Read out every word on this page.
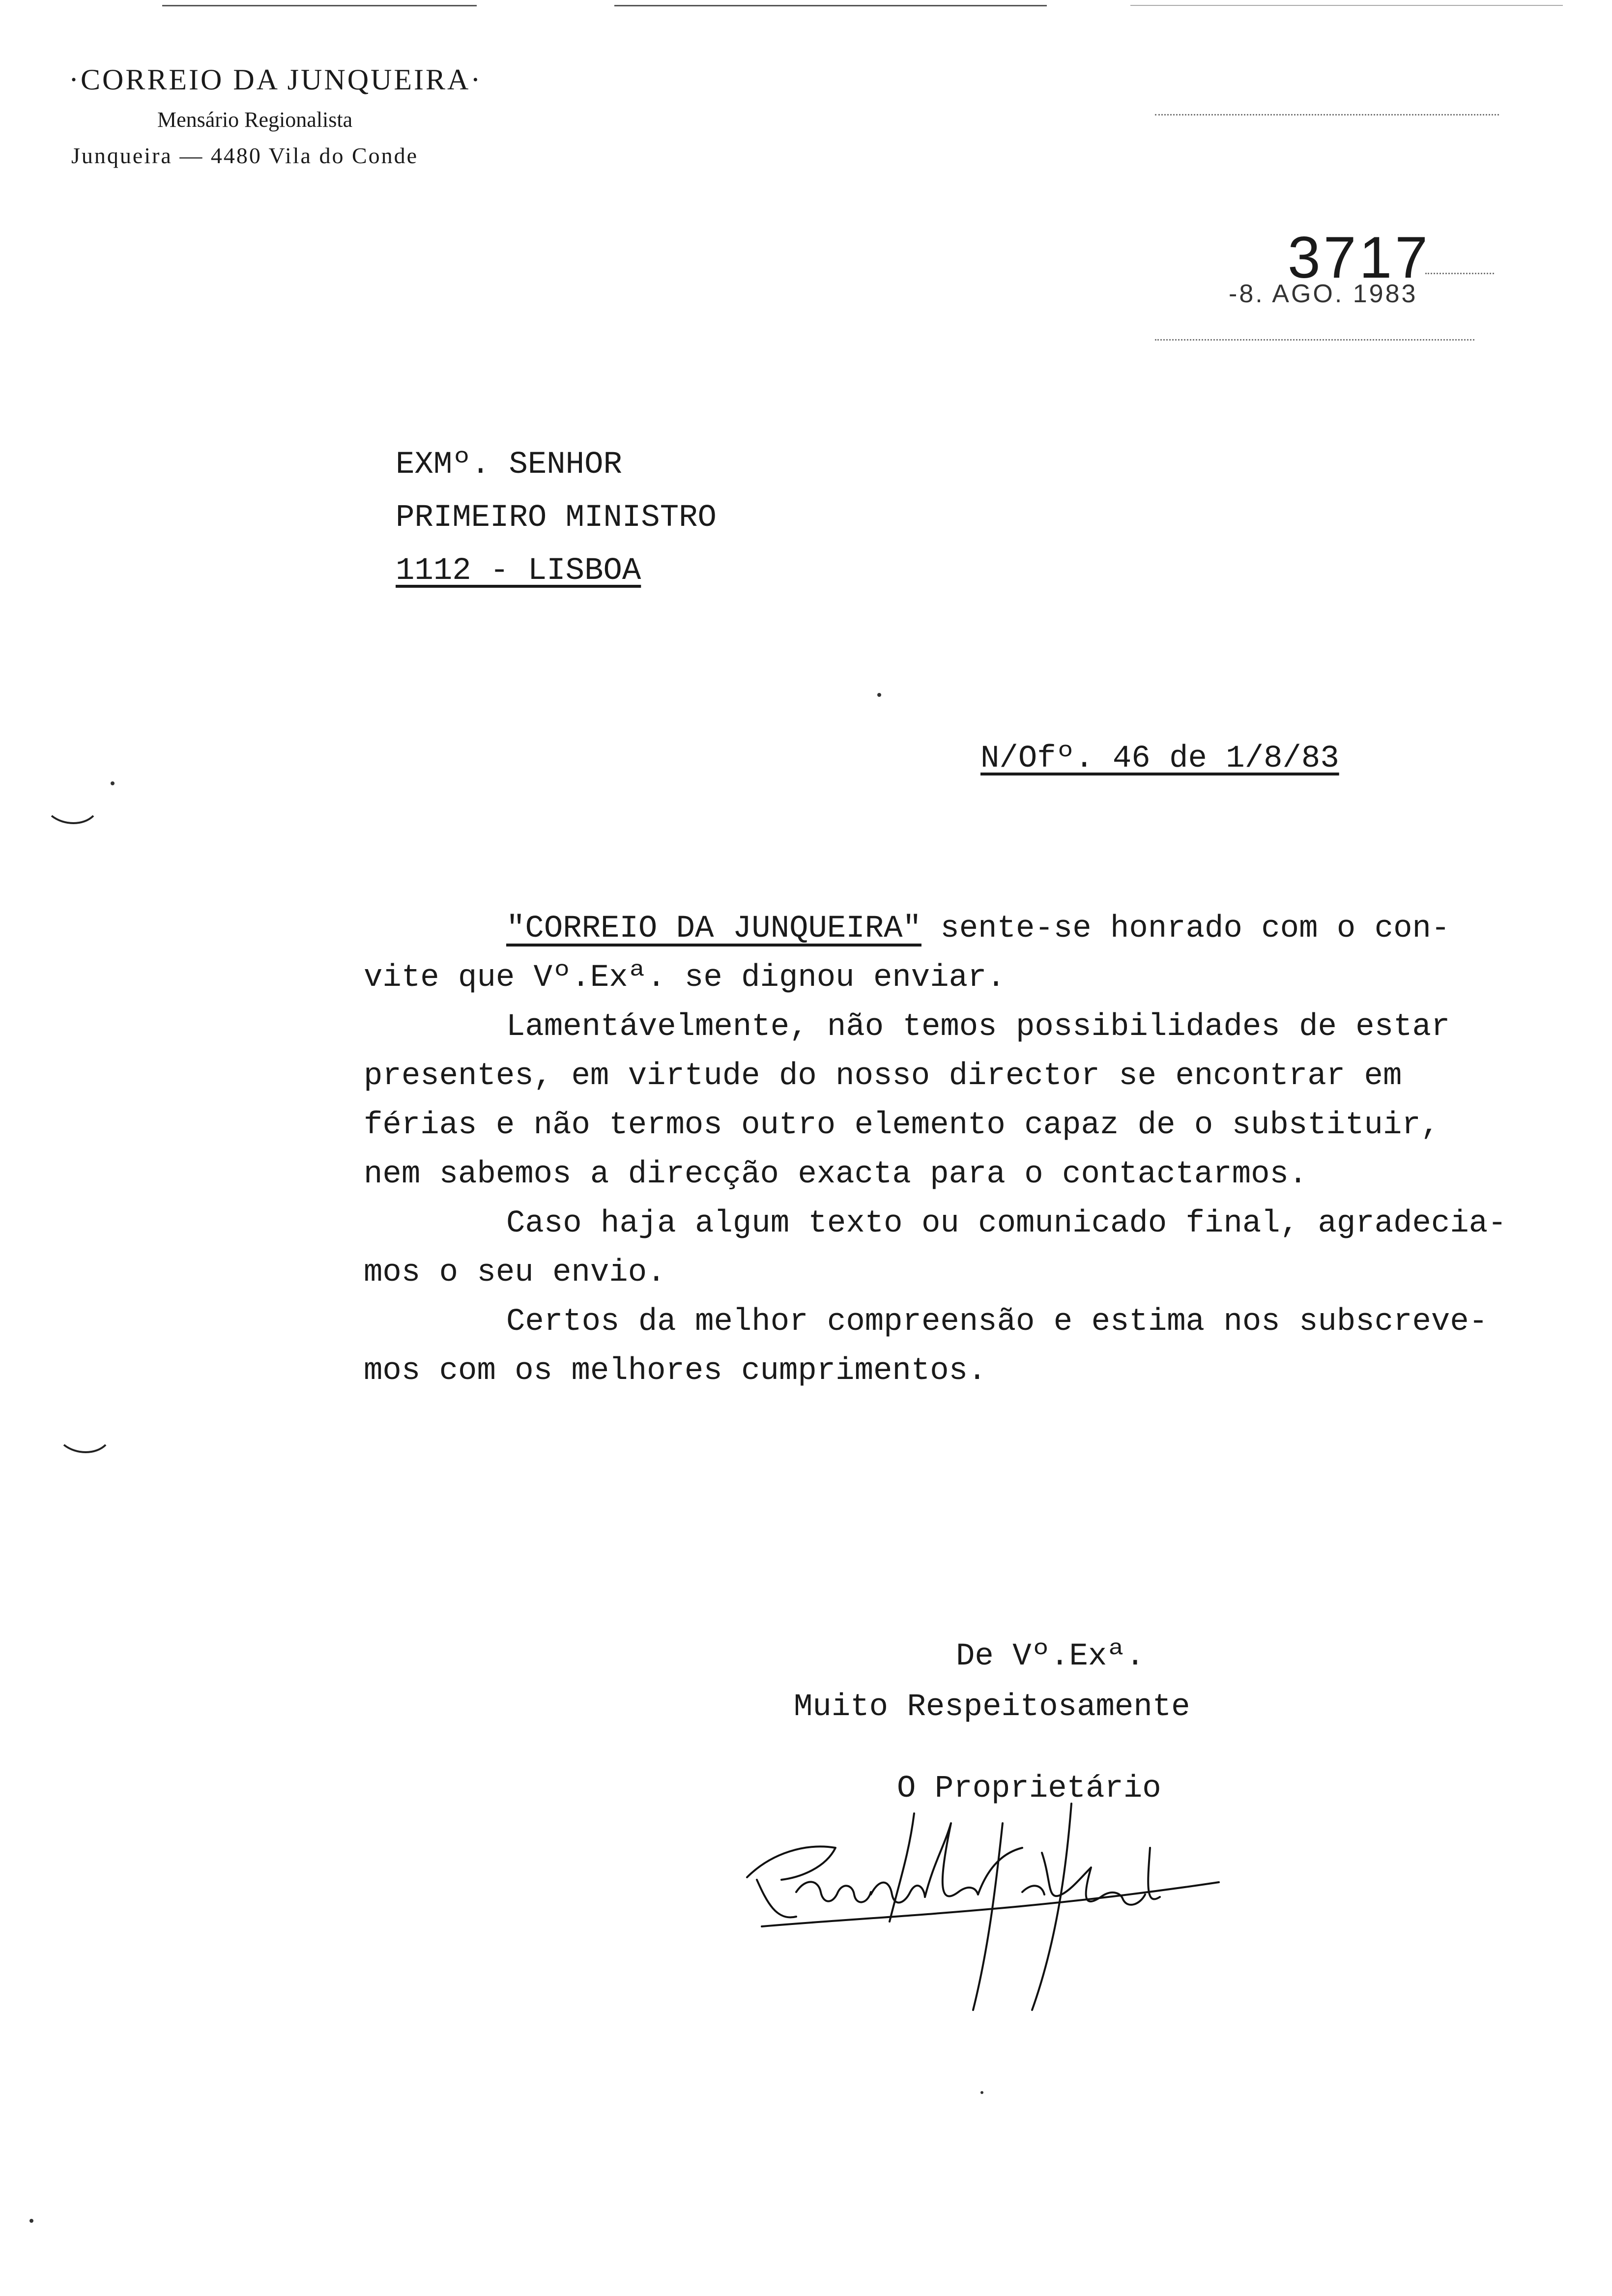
·CORREIO DA JUNQUEIRA·
Mensário Regionalista
Junqueira — 4480 Vila do Conde
3717
-8. AGO. 1983
EXMº. SENHOR
PRIMEIRO MINISTRO
1112 - LISBOA
N/Ofº. 46 de 1/8/83
"CORREIO DA JUNQUEIRA" sente-se honrado com o con-
vite que Vº.Exª. se dignou enviar.
Lamentávelmente, não temos possibilidades de estar
presentes, em virtude do nosso director se encontrar em
férias e não termos outro elemento capaz de o substituir,
nem sabemos a direcção exacta para o contactarmos.
Caso haja algum texto ou comunicado final, agradecia-
mos o seu envio.
Certos da melhor compreensão e estima nos subscreve-
mos com os melhores cumprimentos.
De Vº.Exª.
Muito Respeitosamente
O Proprietário
